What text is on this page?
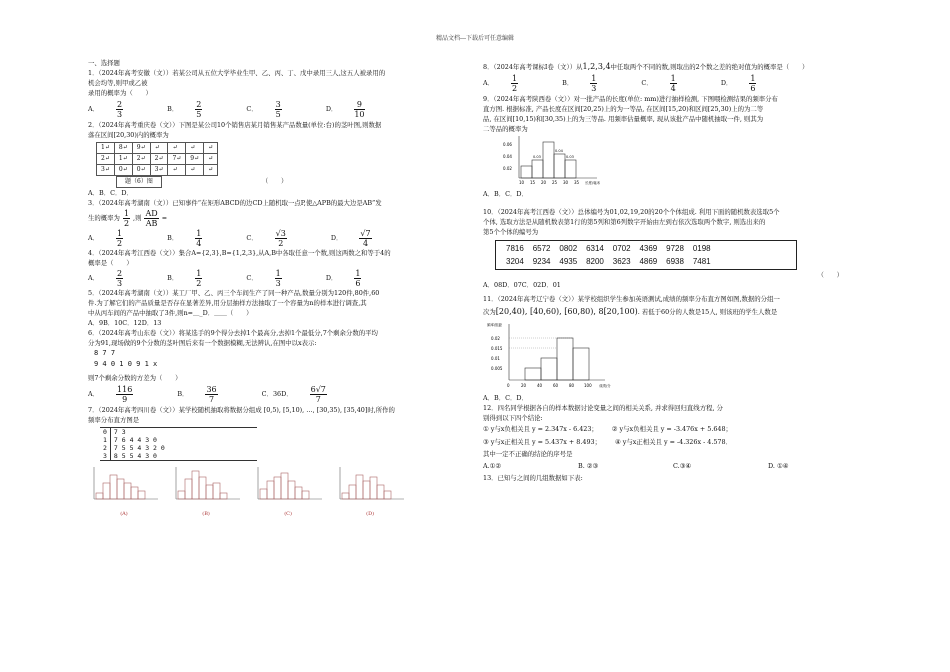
精品文档---下载后可任意编辑

一、选择题

1．（2024年高考安徽（文））若某公司从五位大学毕业生甲、乙、丙、丁、戊中录用三人,这五人被录用的

机会均等,则甲或乙被

录用的概率为（　　）

A． $\frac{2}{3}$	B． $\frac{2}{5}$	C． $\frac{3}{5}$	D． $\frac{9}{10}$

2．（2024年高考重庆卷（文））下图是某公司10个销售店某月销售某产品数量(单位:台)的茎叶图,则数据

落在区间[20,30)内的概率为

1↵	8↵	9↵	↵	↵	↵	↵
2↵	1↵	2↵	2↵	7↵	9↵	↵
3↵	0↵	0↵	3↵	↵	↵	↵

题（6）图	（　　）

A．B．C．D．

3．（2024年高考湖南（文））已知事件“在矩形ABCD的边CD上随机取一点P,使△APB的最大边是AB”发

生的概率为 $\frac{1}{2}$ ,则 $\frac{AD}{AB}$ =

A． $\frac{1}{2}$	B． $\frac{1}{4}$	C． $\frac{√3}{2}$	D． $\frac{√7}{4}$

4．（2024年高考江西卷（文））集合A={2,3},B={1,2,3},从A,B中各取任意一个数,则这两数之和等于4的

概率是（　　）

A． $\frac{2}{3}$	B． $\frac{1}{2}$	C． $\frac{1}{3}$	D． $\frac{1}{6}$

5．（2024年高考湖南（文））某工厂甲、乙、丙三个车间生产了同一种产品,数量分别为120件,80件,60

件.为了解它们的产品质量是否存在显著差异,用分层抽样方法抽取了一个容量为n的样本进行调查,其

中从丙车间的产品中抽取了3件,则n=＿_D．＿＿（　　）

A．9B．10C．12D．13

6．（2024年高考山东卷（文））将某选手的9个得分去掉1个最高分,去掉1个最低分,7个剩余分数的平均

分为91,现场做的9个分数的茎叶图后来有一个数据模糊,无法辨认,在图中以x表示:

8 7 7

9 4 0 1 0 9 1 x

则7个剩余分数的方差为（　　）

A． $\frac{116}{9}$	B． $\frac{36}{7}$	C．36D． $\frac{6√7}{7}$

7．（2024年高考四川卷（文））某学校随机抽取将数据分组成 [0,5), [5,10), …, [30,35), [35,40]时,所作的

频率分布直方图是

0	7 3
1	7 6 4 4 3 0
2	7 5 5 4 3 2 0
3	8 5 5 4 3 0
(A)
	(B)
	(C)
	(D)

8．（2024年高考课标Ⅰ卷（文））从1,2,3,4中任取两个不同的数,则取出的2个数之差的绝对值为的概率是（　　）

A． $\frac{1}{2}$	B． $\frac{1}{3}$	C． $\frac{1}{4}$	D． $\frac{1}{6}$

9．（2024年高考陕西卷（文））对一批产品的长度(单位: mm)进行抽样检测, 下图喂检测结果的频率分布

直方图. 根据标准, 产品长度在区间[20,25)上的为一等品, 在区间[15,20)和区间[25,30)上的为二等

品, 在区间[10,15)和[30,35)上的为三等品. 用频率估量概率, 现从该批产品中随机抽取一件, 则其为

二等品的概率为

0.06
0.04
0.02
0.03
0.04
0.03
10 15 20 25 30 35 长度/毫米

A．B．C．D．

10．（2024年高考江西卷（文））总体编号为01,02,19,20的20个个体组成. 利用下面的随机数表选取5个

个体, 选取方法是从随机数表第1行的第5列和第6列数字开始由左到右依次选取两个数字, 则选出来的

第5个个体的编号为

7816    6572    0802    6314    0702    4369    9728    0198
3204    9234    4935    8200    3623    4869    6938    7481

（　　）

A．08D．07C．02D．01

11．（2024年高考辽宁卷（文））某学校组织学生参加英语测试,成绩的频率分布直方图如图,数据的分组一

次为[20,40), [40,60), [60,80), 8[20,100). 若低于60分的人数是15人, 则该班的学生人数是

频率/组距
0.02
0.015
0.01
0.005
0	20	40	60	80 100 成绩/分

A．B．C．D．

12．四名同学根据各自的样本数据讨论变量之间的相关关系, 并求得回归直线方程, 分

别得到以下四个结论:

① y与x负相关且 y = 2.347x - 6.423； ② y与x负相关且 y = -3.476x + 5.648；

③ y与x正相关且 y = 5.437x + 8.493； ④ y与x正相关且 y = -4.326x - 4.578．

其中一定不正确的结论的序号是

A.①②	B. ②③	C.③④	D. ①④

13．已知与之间的几组数据如下表:
